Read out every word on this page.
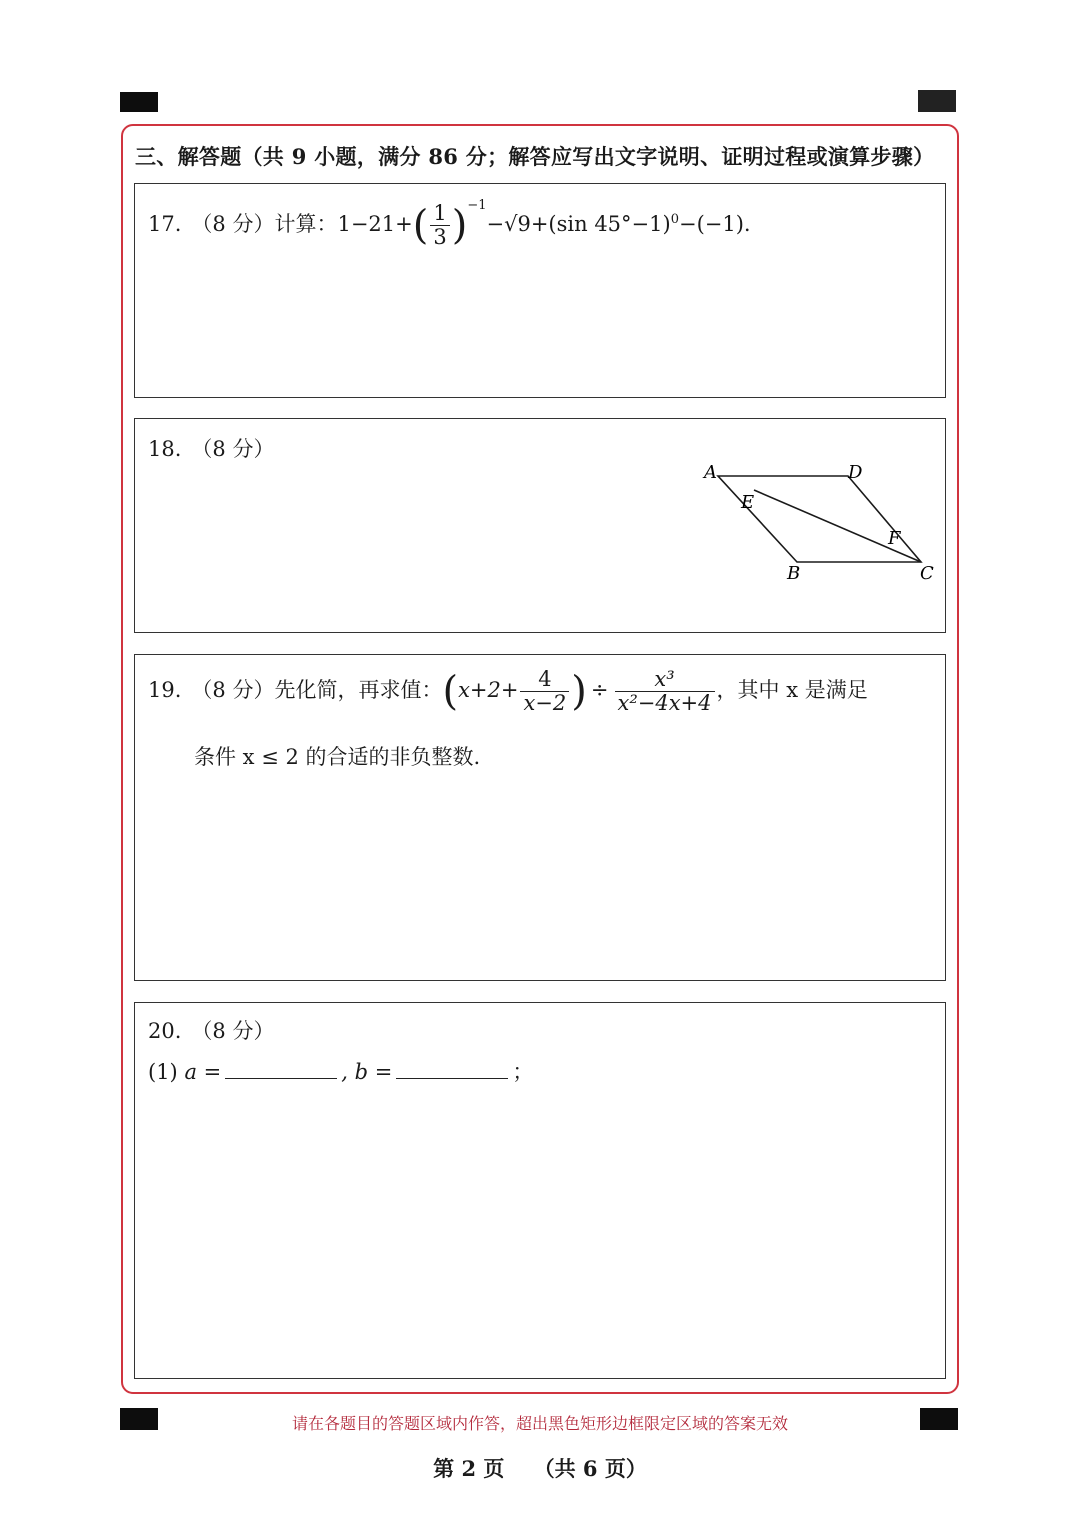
三、解答题（共 9 小题，满分 86 分；解答应写出文字说明、证明过程或演算步骤）
17. （8 分）计算：$1-21+( \frac{1}{3} )^{-1}-√9+(\sin$ 45°−1)$^0$−(−1).
18. （8 分）
A	D
E
F
B	C
19. （8 分）先化简，再求值：($x+2+ \frac{4}{x-2}$ ) ÷ $\frac{\text{x³}}{\text{x²−4x+4}}$ ，其中 x 是满足
条件 x ≤ 2 的合适的非负整数.
20. （8 分）
(1) a =	, b =	；
请在各题目的答题区域内作答，超出黑色矩形边框限定区域的答案无效
第 2 页    （共 6 页）
